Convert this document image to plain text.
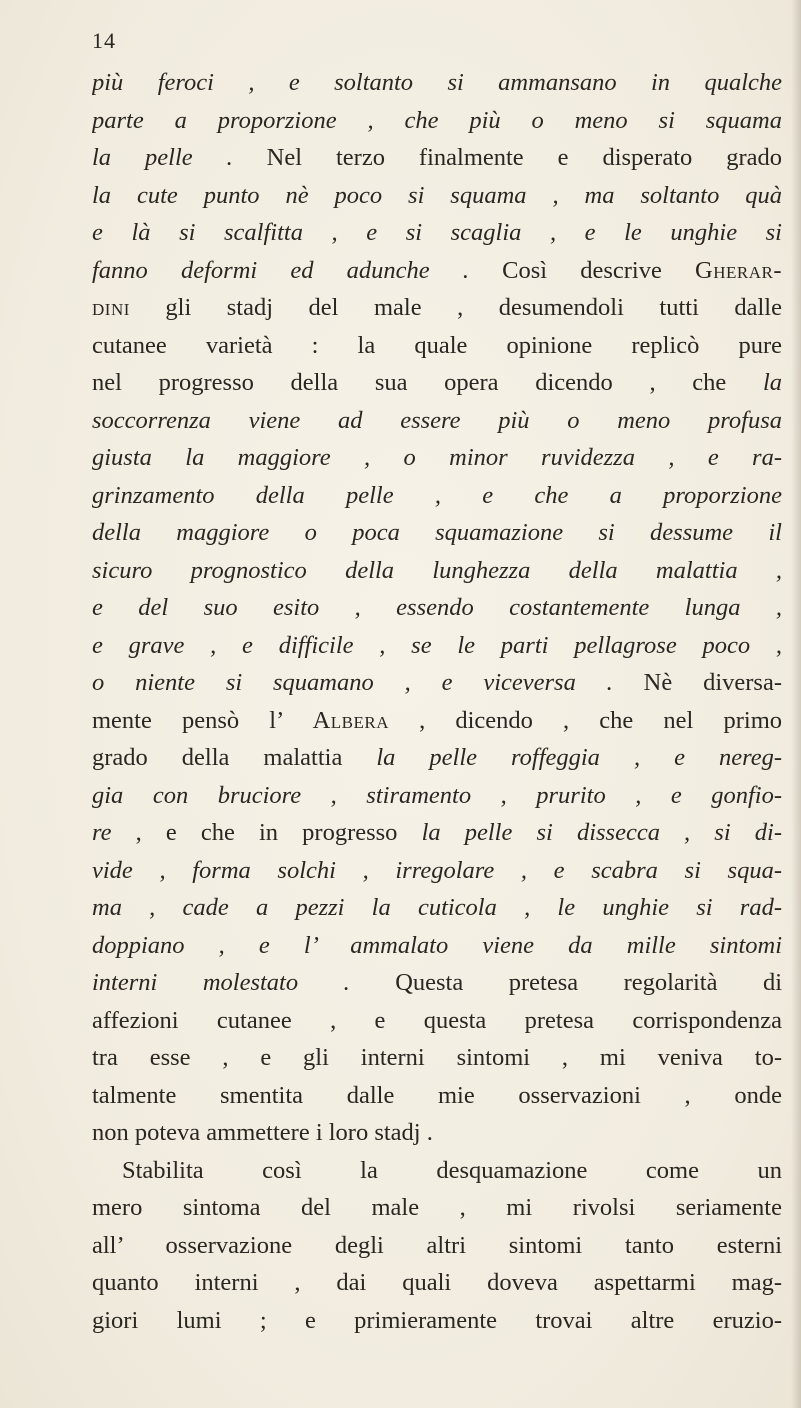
14
più feroci , e soltanto si ammansano in qualche
parte a proporzione , che più o meno si squama
la pelle . Nel terzo finalmente e disperato grado
la cute punto nè poco si squama , ma soltanto quà
e là si scalfitta , e si scaglia , e le unghie si
fanno deformi ed adunche . Così descrive Gherar-
dini gli stadj del male , desumendoli tutti dalle
cutanee varietà : la quale opinione replicò pure
nel progresso della sua opera dicendo , che la
soccorrenza viene ad essere più o meno profusa
giusta la maggiore , o minor ruvidezza , e ra-
grinzamento della pelle , e che a proporzione
della maggiore o poca squamazione si dessume il
sicuro prognostico della lunghezza della malattia ,
e del suo esito , essendo costantemente lunga ,
e grave , e difficile , se le parti pellagrose poco ,
o niente si squamano , e viceversa . Nè diversa-
mente pensò l’ Albera , dicendo , che nel primo
grado della malattia la pelle roffeggia , e nereg-
gia con bruciore , stiramento , prurito , e gonfio-
re , e che in progresso la pelle si dissecca , si di-
vide , forma solchi , irregolare , e scabra si squa-
ma , cade a pezzi la cuticola , le unghie si rad-
doppiano , e l’ ammalato viene da mille sintomi
interni molestato . Questa pretesa regolarità di
affezioni cutanee , e questa pretesa corrispondenza
tra esse , e gli interni sintomi , mi veniva to-
talmente smentita dalle mie osservazioni , onde
non poteva ammettere i loro stadj .
Stabilita così la desquamazione come un
mero sintoma del male , mi rivolsi seriamente
all’ osservazione degli altri sintomi tanto esterni
quanto interni , dai quali doveva aspettarmi mag-
giori lumi ; e primieramente trovai altre eruzio-
